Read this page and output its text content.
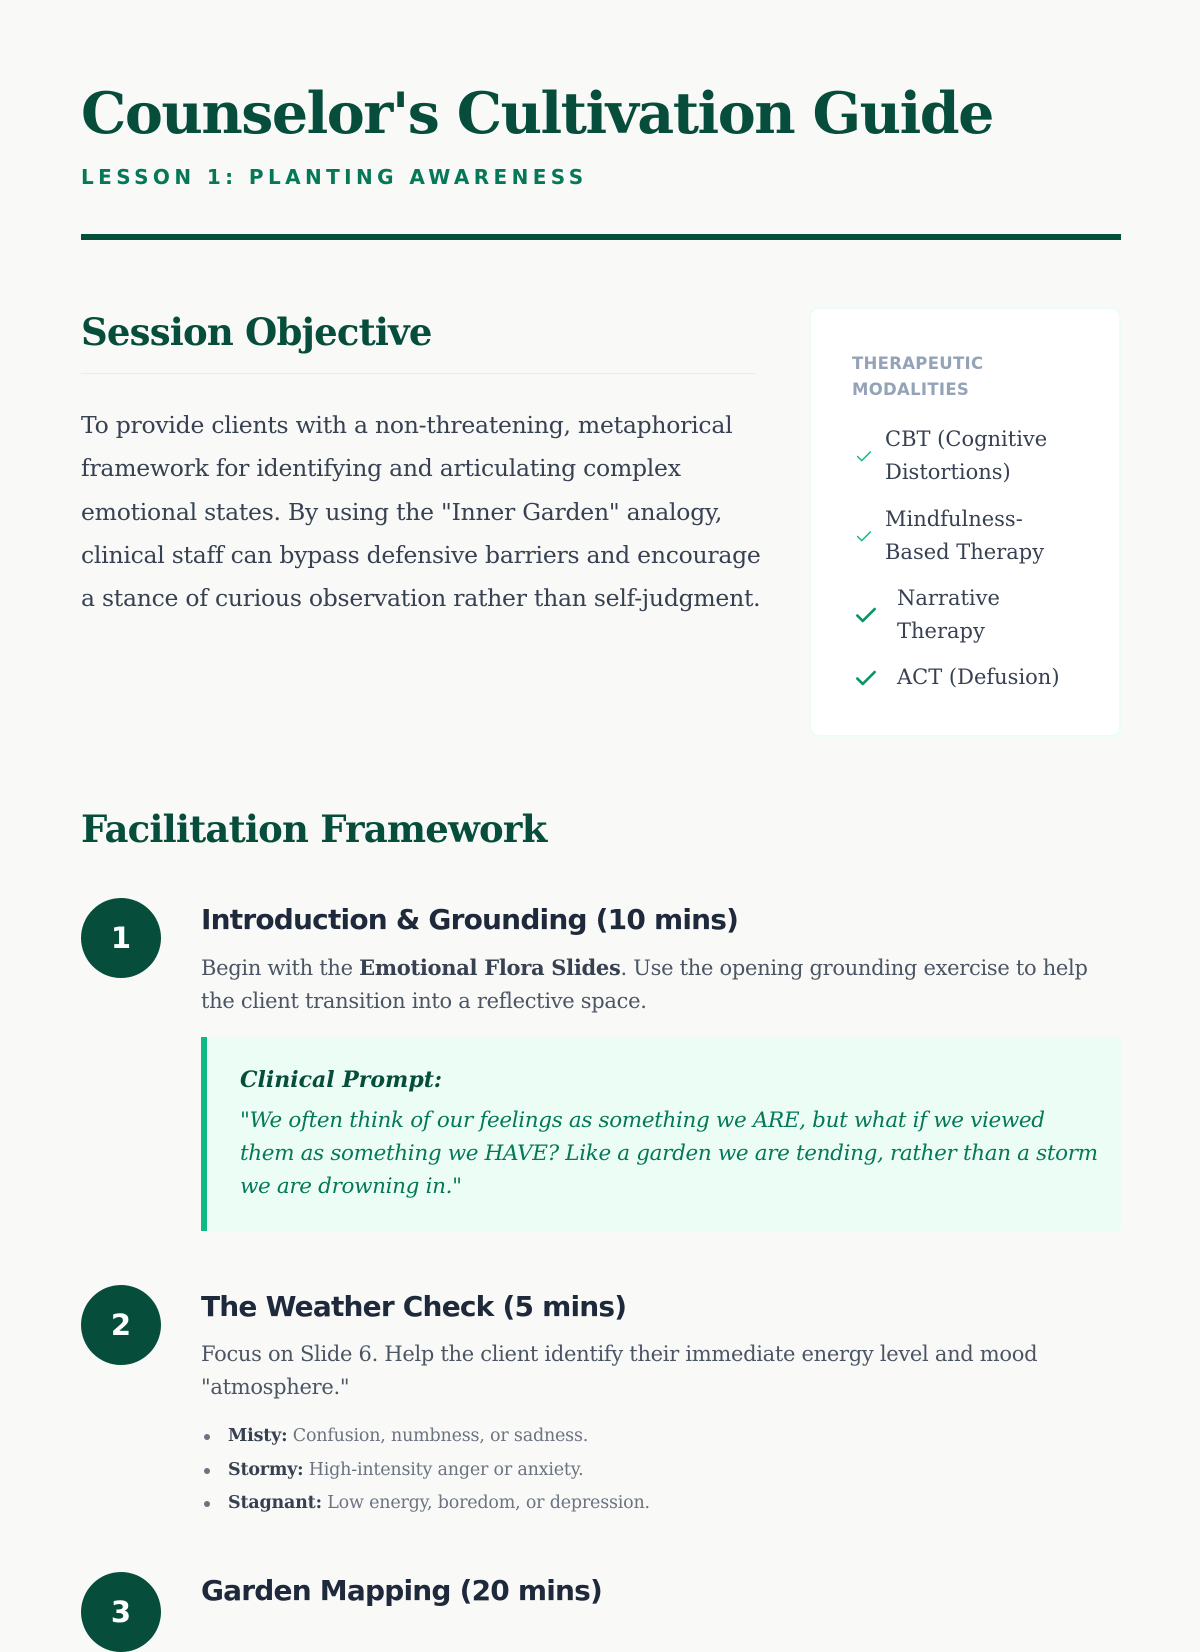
Counselor's Cultivation Guide
LESSON 1: PLANTING AWARENESS
Session Objective

To provide clients with a non-threatening, metaphorical framework for identifying and articulating complex emotional states. By using the "Inner Garden" analogy, clinical staff can bypass defensive barriers and encourage a stance of curious observation rather than self-judgment.

THERAPEUTIC MODALITIES
CBT (Cognitive Distortions)
Mindfulness-Based Therapy
Narrative Therapy
ACT (Defusion)
Facilitation Framework
1
Introduction & Grounding (10 mins)

Begin with the Emotional Flora Slides. Use the opening grounding exercise to help the client transition into a reflective space.

Clinical Prompt:
"We often think of our feelings as something we ARE, but what if we viewed them as something we HAVE? Like a garden we are tending, rather than a storm we are drowning in."
2
The Weather Check (5 mins)

Focus on Slide 6. Help the client identify their immediate energy level and mood "atmosphere."

Misty: Confusion, numbness, or sadness.
Stormy: High-intensity anger or anxiety.
Stagnant: Low energy, boredom, or depression.
3
Garden Mapping (20 mins)
